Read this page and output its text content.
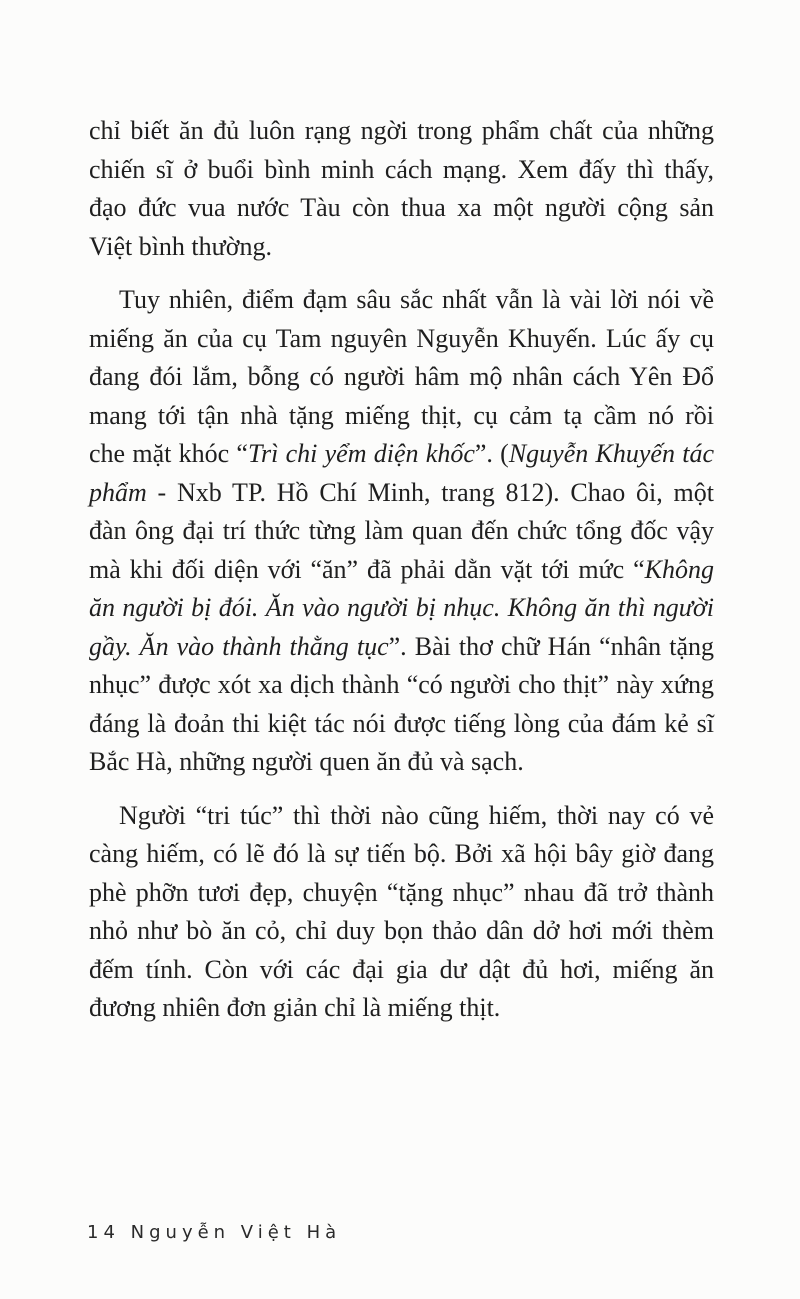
chỉ biết ăn đủ luôn rạng ngời trong phẩm chất của những
chiến sĩ ở buổi bình minh cách mạng. Xem đấy thì thấy,
đạo đức vua nước Tàu còn thua xa một người cộng sản
Việt bình thường.
Tuy nhiên, điểm đạm sâu sắc nhất vẫn là vài lời nói về
miếng ăn của cụ Tam nguyên Nguyễn Khuyến. Lúc ấy cụ
đang đói lắm, bỗng có người hâm mộ nhân cách Yên Đổ
mang tới tận nhà tặng miếng thịt, cụ cảm tạ cầm nó rồi
che mặt khóc “Trì chi yểm diện khốc”. (Nguyễn Khuyến tác
phẩm - Nxb TP. Hồ Chí Minh, trang 812). Chao ôi, một
đàn ông đại trí thức từng làm quan đến chức tổng đốc vậy
mà khi đối diện với “ăn” đã phải dằn vặt tới mức “Không
ăn người bị đói. Ăn vào người bị nhục. Không ăn thì người
gầy. Ăn vào thành thằng tục”. Bài thơ chữ Hán “nhân tặng
nhục” được xót xa dịch thành “có người cho thịt” này xứng
đáng là đoản thi kiệt tác nói được tiếng lòng của đám kẻ sĩ
Bắc Hà, những người quen ăn đủ và sạch.
Người “tri túc” thì thời nào cũng hiếm, thời nay có vẻ
càng hiếm, có lẽ đó là sự tiến bộ. Bởi xã hội bây giờ đang
phè phỡn tươi đẹp, chuyện “tặng nhục” nhau đã trở thành
nhỏ như bò ăn cỏ, chỉ duy bọn thảo dân dở hơi mới thèm
đếm tính. Còn với các đại gia dư dật đủ hơi, miếng ăn
đương nhiên đơn giản chỉ là miếng thịt.
14 Nguyễn Việt Hà
